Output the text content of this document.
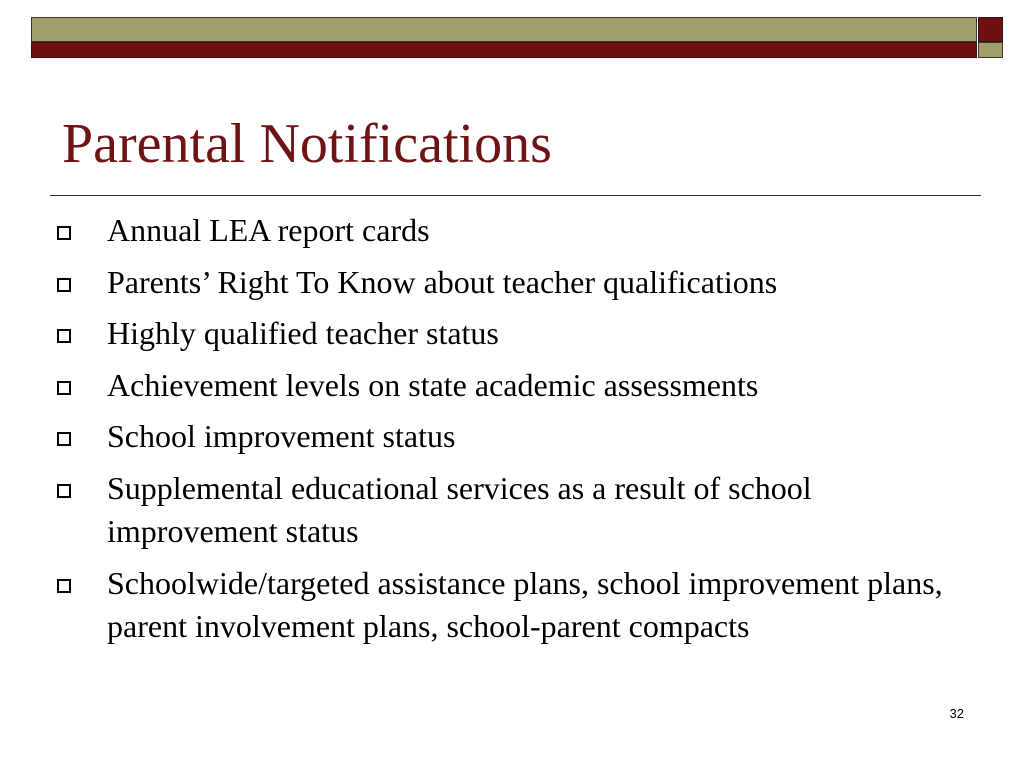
Parental Notifications
Annual LEA report cards
Parents’ Right To Know about teacher qualifications
Highly qualified teacher status
Achievement levels on state academic assessments
School improvement status
Supplemental educational services as a result of school improvement status
Schoolwide/targeted assistance plans, school improvement plans, parent involvement plans, school-parent compacts
32
